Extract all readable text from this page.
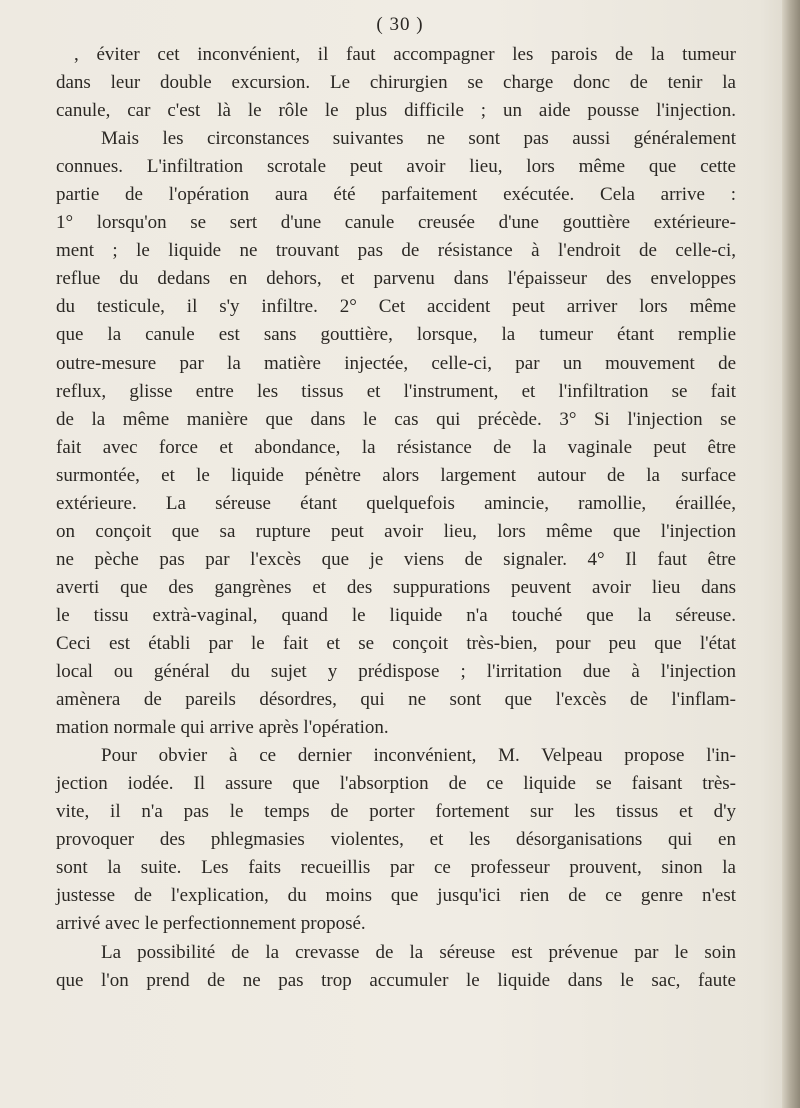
( 30 )
, éviter cet inconvénient, il faut accompagner les parois de la tumeur
dans leur double excursion. Le chirurgien se charge donc de tenir la
canule, car c'est là le rôle le plus difficile ; un aide pousse l'injection.
Mais les circonstances suivantes ne sont pas aussi généralement
connues. L'infiltration scrotale peut avoir lieu, lors même que cette
partie de l'opération aura été parfaitement exécutée. Cela arrive :
1° lorsqu'on se sert d'une canule creusée d'une gouttière extérieure-
ment ; le liquide ne trouvant pas de résistance à l'endroit de celle-ci,
reflue du dedans en dehors, et parvenu dans l'épaisseur des enveloppes
du testicule, il s'y infiltre. 2° Cet accident peut arriver lors même
que la canule est sans gouttière, lorsque, la tumeur étant remplie
outre-mesure par la matière injectée, celle-ci, par un mouvement de
reflux, glisse entre les tissus et l'instrument, et l'infiltration se fait
de la même manière que dans le cas qui précède. 3° Si l'injection se
fait avec force et abondance, la résistance de la vaginale peut être
surmontée, et le liquide pénètre alors largement autour de la surface
extérieure. La séreuse étant quelquefois amincie, ramollie, éraillée,
on conçoit que sa rupture peut avoir lieu, lors même que l'injection
ne pèche pas par l'excès que je viens de signaler. 4° Il faut être
averti que des gangrènes et des suppurations peuvent avoir lieu dans
le tissu extrà-vaginal, quand le liquide n'a touché que la séreuse.
Ceci est établi par le fait et se conçoit très-bien, pour peu que l'état
local ou général du sujet y prédispose ; l'irritation due à l'injection
amènera de pareils désordres, qui ne sont que l'excès de l'inflam-
mation normale qui arrive après l'opération.
Pour obvier à ce dernier inconvénient, M. Velpeau propose l'in-
jection iodée. Il assure que l'absorption de ce liquide se faisant très-
vite, il n'a pas le temps de porter fortement sur les tissus et d'y
provoquer des phlegmasies violentes, et les désorganisations qui en
sont la suite. Les faits recueillis par ce professeur prouvent, sinon la
justesse de l'explication, du moins que jusqu'ici rien de ce genre n'est
arrivé avec le perfectionnement proposé.
La possibilité de la crevasse de la séreuse est prévenue par le soin
que l'on prend de ne pas trop accumuler le liquide dans le sac, faute
